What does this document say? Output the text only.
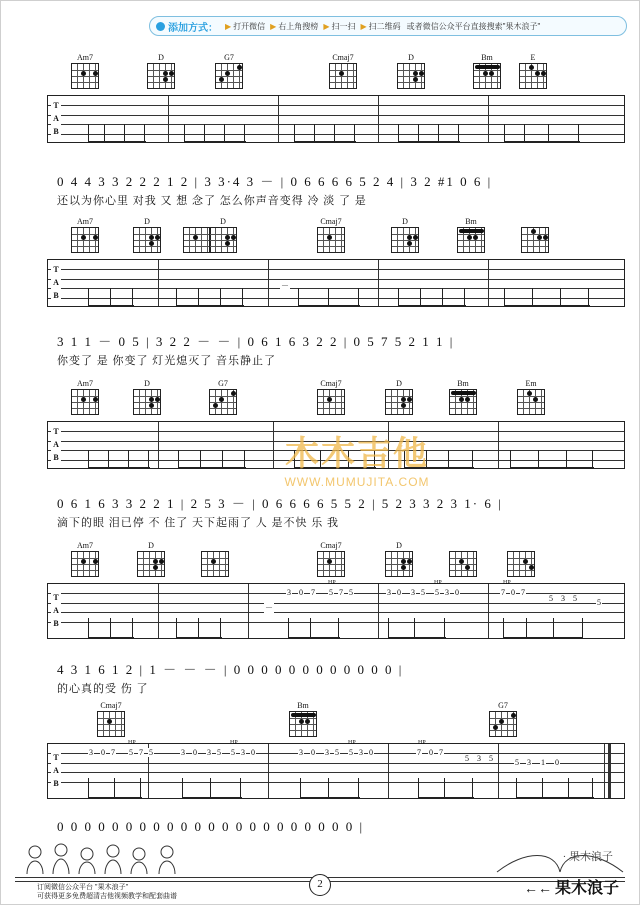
添加方式： ▶ 打开微信 ▶ 右上角搜榜 ▶ 扫一扫 ▶ 扫二维码 或者微信公众平台直接搜索"果木浪子"
Am7	D	G7	Cmaj7	D	Bm	E
T
A
B
0 4 4 3 3 2 2 2 1 2 | 3 3·4 3 － | 0 6 6 6 6 5 2 4 | 3 2 #1 0 6 |
还以为你心里 对我 又 想 念了 怎么你声音变得 冷 淡 了 是
Am7	D	D	Cmaj7	D	Bm
－
T
A
B
3 1 1 － 0 5 | 3 2 2 － － | 0 6 1 6 3 2 2 | 0 5 7 5 2 1 1 |
你变了 是 你变了 灯光熄灭了 音乐静止了
Am7	D	G7	Cmaj7	D	Bm	Em
T
A
B
0 6 1 6 3 3 2 2 1 | 2 5 3 － | 0 6 6 6 6 5 5 2 | 5 2 3 3 2 3 1· 6 |
滴下的眼 泪已停 不 住了 天下起雨了 人 是不快 乐 我
木木吉他
WWW.MUMUJITA.COM
Am7	D	Cmaj7	D
－
3 0 7 5 7 5
HP
3 0 3 5 5 3 0
HP
7 0 7
HP
5 3 5	5
T
A
B
4 3 1 6 1 2 | 1 － － － | 0 0 0 0 0 0 0 0 0 0 0 0 |
的心真的受 伤 了
Cmaj7	Bm	G7
3 0 7 5 7 5
HP
3 0 3 5 5 3 0
HP
3 0 3 5 5 3 0
HP
7 0 7
HP
5 3 5	5 3 1 0
T
A
B
0 0 0 0 0 0 0 0 0 0 0 0 0 0 0 0 0 0 0 0 0 0 |
订阅微信公众平台 "果木浪子"
可获得更多免费超清吉他视频教学和配套曲谱
2
· 果木浪子
←← 果木浪子
